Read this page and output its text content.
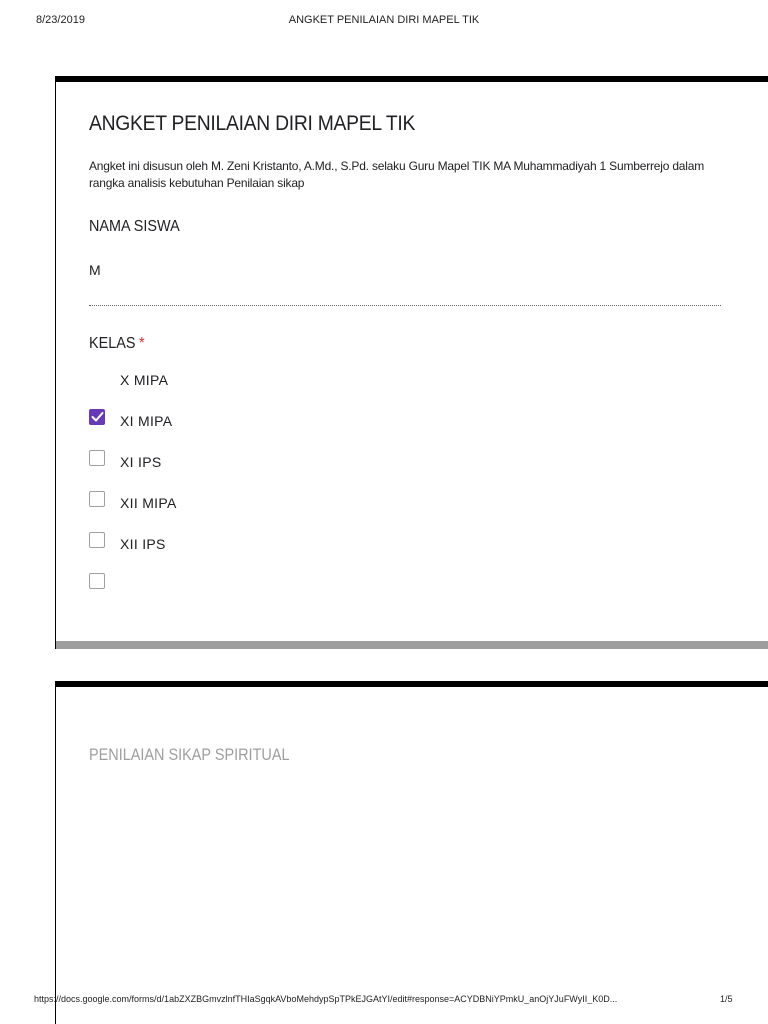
8/23/2019	ANGKET PENILAIAN DIRI MAPEL TIK
ANGKET PENILAIAN DIRI MAPEL TIK
Angket ini disusun oleh M. Zeni Kristanto, A.Md., S.Pd. selaku Guru Mapel TIK MA Muhammadiyah 1 Sumberrejo dalam rangka analisis kebutuhan Penilaian sikap
NAMA SISWA
M
KELAS *
X MIPA
XI MIPA
XI IPS
XII MIPA
XII IPS
PENILAIAN SIKAP SPIRITUAL
https://docs.google.com/forms/d/1abZXZBGmvzlnfTHIaSgqkAVboMehdypSpTPkEJGAtYI/edit#response=ACYDBNiYPmkU_anOjYJuFWyII_K0D...	1/5
